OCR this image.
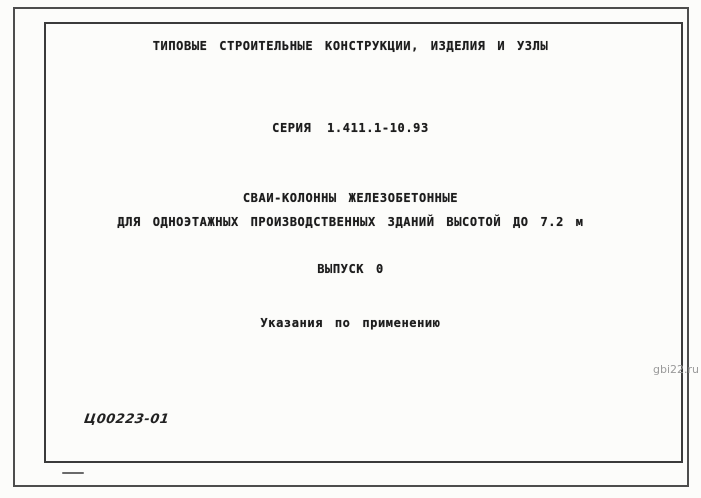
ТИПОВЫЕ СТРОИТЕЛЬНЫЕ КОНСТРУКЦИИ, ИЗДЕЛИЯ И УЗЛЫ
СЕРИЯ 1.411.1-10.93
СВАИ-КОЛОННЫ ЖЕЛЕЗОБЕТОННЫЕ
ДЛЯ ОДНОЭТАЖНЫХ ПРОИЗВОДСТВЕННЫХ ЗДАНИЙ ВЫСОТОЙ ДО 7.2 м
ВЫПУСК 0
Указания по применению
Ц00223-01
gbi22.ru
